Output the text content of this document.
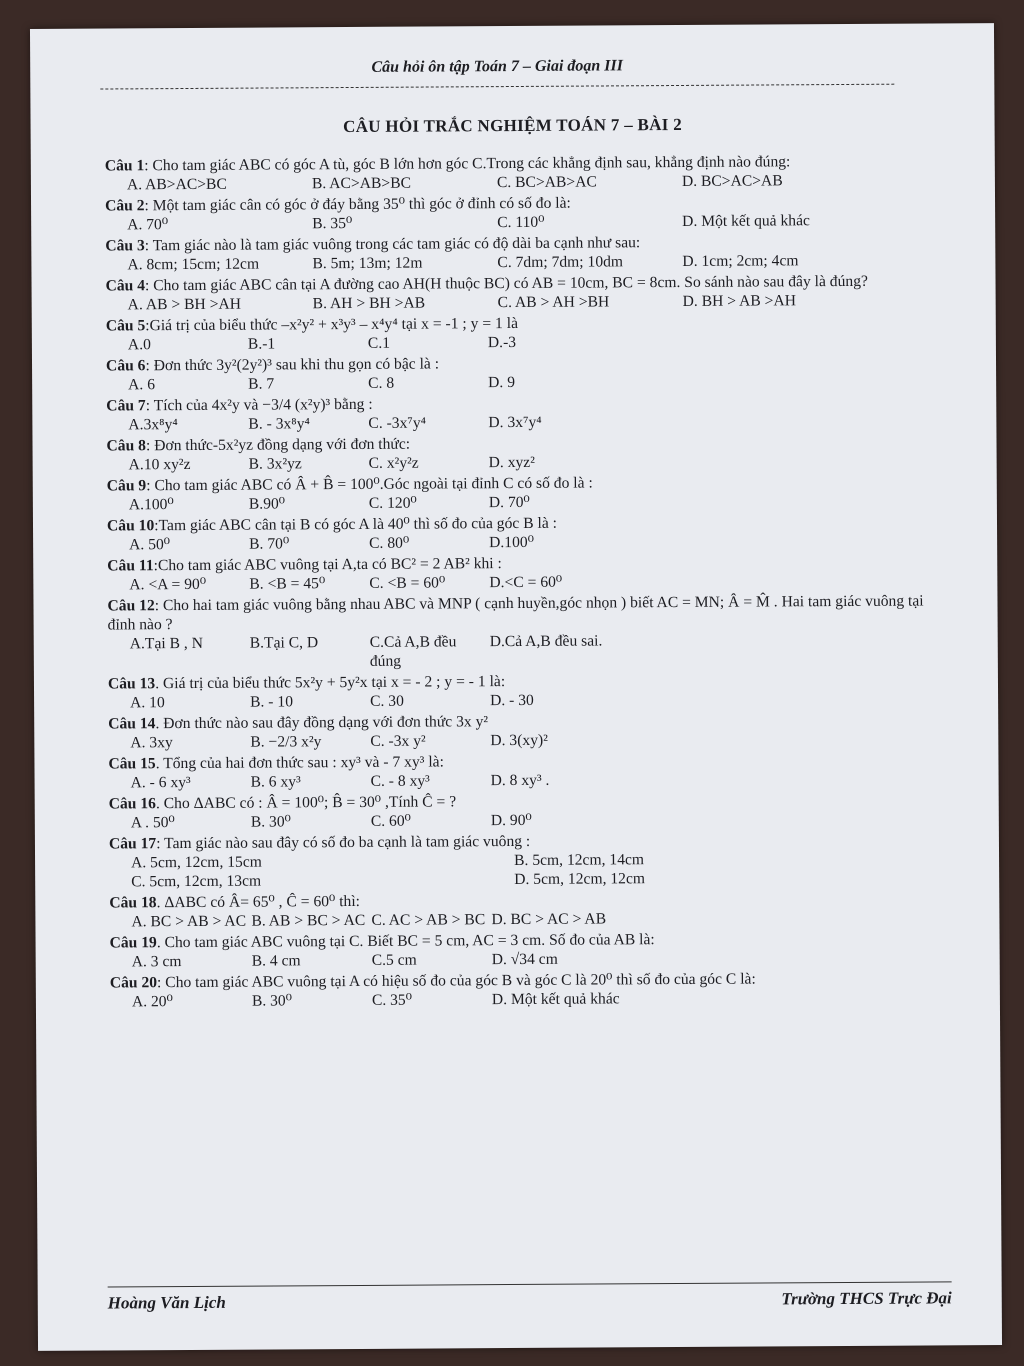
Câu hỏi ôn tập Toán 7 – Giai đoạn III
CÂU HỎI TRẮC NGHIỆM TOÁN 7 – BÀI 2
Câu 1: Cho tam giác ABC có góc A tù, góc B lớn hơn góc C.Trong các khẳng định sau, khẳng định nào đúng:
A. AB>AC>BC	B. AC>AB>BC	C. BC>AB>AC	D. BC>AC>AB
Câu 2: Một tam giác cân có góc ở đáy bằng 35⁰ thì góc ở đỉnh có số đo là:
A. 70⁰	B. 35⁰	C. 110⁰	D. Một kết quả khác
Câu 3: Tam giác nào là tam giác vuông trong các tam giác có độ dài ba cạnh như sau:
A. 8cm; 15cm; 12cm	B. 5m; 13m; 12m	C. 7dm; 7dm; 10dm	D. 1cm; 2cm; 4cm
Câu 4: Cho tam giác ABC cân tại A đường cao AH(H thuộc BC) có AB = 10cm, BC = 8cm. So sánh nào sau đây là đúng?
A. AB > BH >AH	B. AH > BH >AB	C. AB > AH >BH	D. BH > AB >AH
Câu 5:Giá trị của biểu thức –x²y² + x³y³ – x⁴y⁴ tại x = -1 ; y = 1 là
A.0	B.-1	C.1	D.-3
Câu 6: Đơn thức 3y²(2y²)³ sau khi thu gọn có bậc là :
A. 6	B. 7	C. 8	D. 9
Câu 7: Tích của 4x²y và −3/4 (x²y)³ bằng :
A.3x⁸y⁴	B. - 3x⁸y⁴	C. -3x⁷y⁴	D. 3x⁷y⁴
Câu 8: Đơn thức-5x²yz đồng dạng với đơn thức:
A.10 xy²z	B. 3x²yz	C. x²y²z	D. xyz²
Câu 9: Cho tam giác ABC có Â + B̂ = 100⁰.Góc ngoài tại đỉnh C có số đo là :
A.100⁰	B.90⁰	C. 120⁰	D. 70⁰
Câu 10:Tam giác ABC cân tại B có góc A là 40⁰ thì số đo của góc B là :
A. 50⁰	B. 70⁰	C. 80⁰	D.100⁰
Câu 11:Cho tam giác ABC vuông tại A,ta có BC² = 2 AB² khi :
A. <A = 90⁰	B. <B = 45⁰	C. <B = 60⁰	D.<C = 60⁰
Câu 12: Cho hai tam giác vuông bằng nhau ABC và MNP ( cạnh huyền,góc nhọn ) biết AC = MN; Â = M̂ . Hai tam giác vuông tại đỉnh nào ?
A.Tại B , N	B.Tại C, D	C.Cả A,B đều đúng
D.Cả A,B đều sai.
Câu 13. Giá trị của biểu thức 5x²y + 5y²x tại x = - 2 ; y = - 1 là:
A. 10	B. - 10	C. 30	D. - 30
Câu 14. Đơn thức nào sau đây đồng dạng với đơn thức 3x y²
A. 3xy	B. −2/3 x²y	C. -3x y²	D. 3(xy)²
Câu 15. Tổng của hai đơn thức sau : xy³ và - 7 xy³ là:
A. - 6 xy³	B. 6 xy³	C. - 8 xy³	D. 8 xy³ .
Câu 16. Cho ΔABC có : Â = 100⁰; B̂ = 30⁰ ,Tính Ĉ = ?
A . 50⁰	B. 30⁰	C. 60⁰	D. 90⁰
Câu 17: Tam giác nào sau đây có số đo ba cạnh là tam giác vuông :
A. 5cm, 12cm, 15cm	B. 5cm, 12cm, 14cm
C. 5cm, 12cm, 13cm	D. 5cm, 12cm, 12cm
Câu 18. ΔABC có Â= 65⁰ , Ĉ = 60⁰ thì:
A. BC > AB > AC B. AB > BC > AC C. AC > AB > BC D. BC > AC > AB
Câu 19. Cho tam giác ABC vuông tại C. Biết BC = 5 cm, AC = 3 cm. Số đo của AB là:
A. 3 cm	B. 4 cm	C.5 cm	D. √34 cm
Câu 20: Cho tam giác ABC vuông tại A có hiệu số đo của góc B và góc C là 20⁰ thì số đo của góc C là:
A. 20⁰	B. 30⁰	C. 35⁰	D. Một kết quả khác
Hoàng Văn Lịch	Trường THCS Trực Đại
